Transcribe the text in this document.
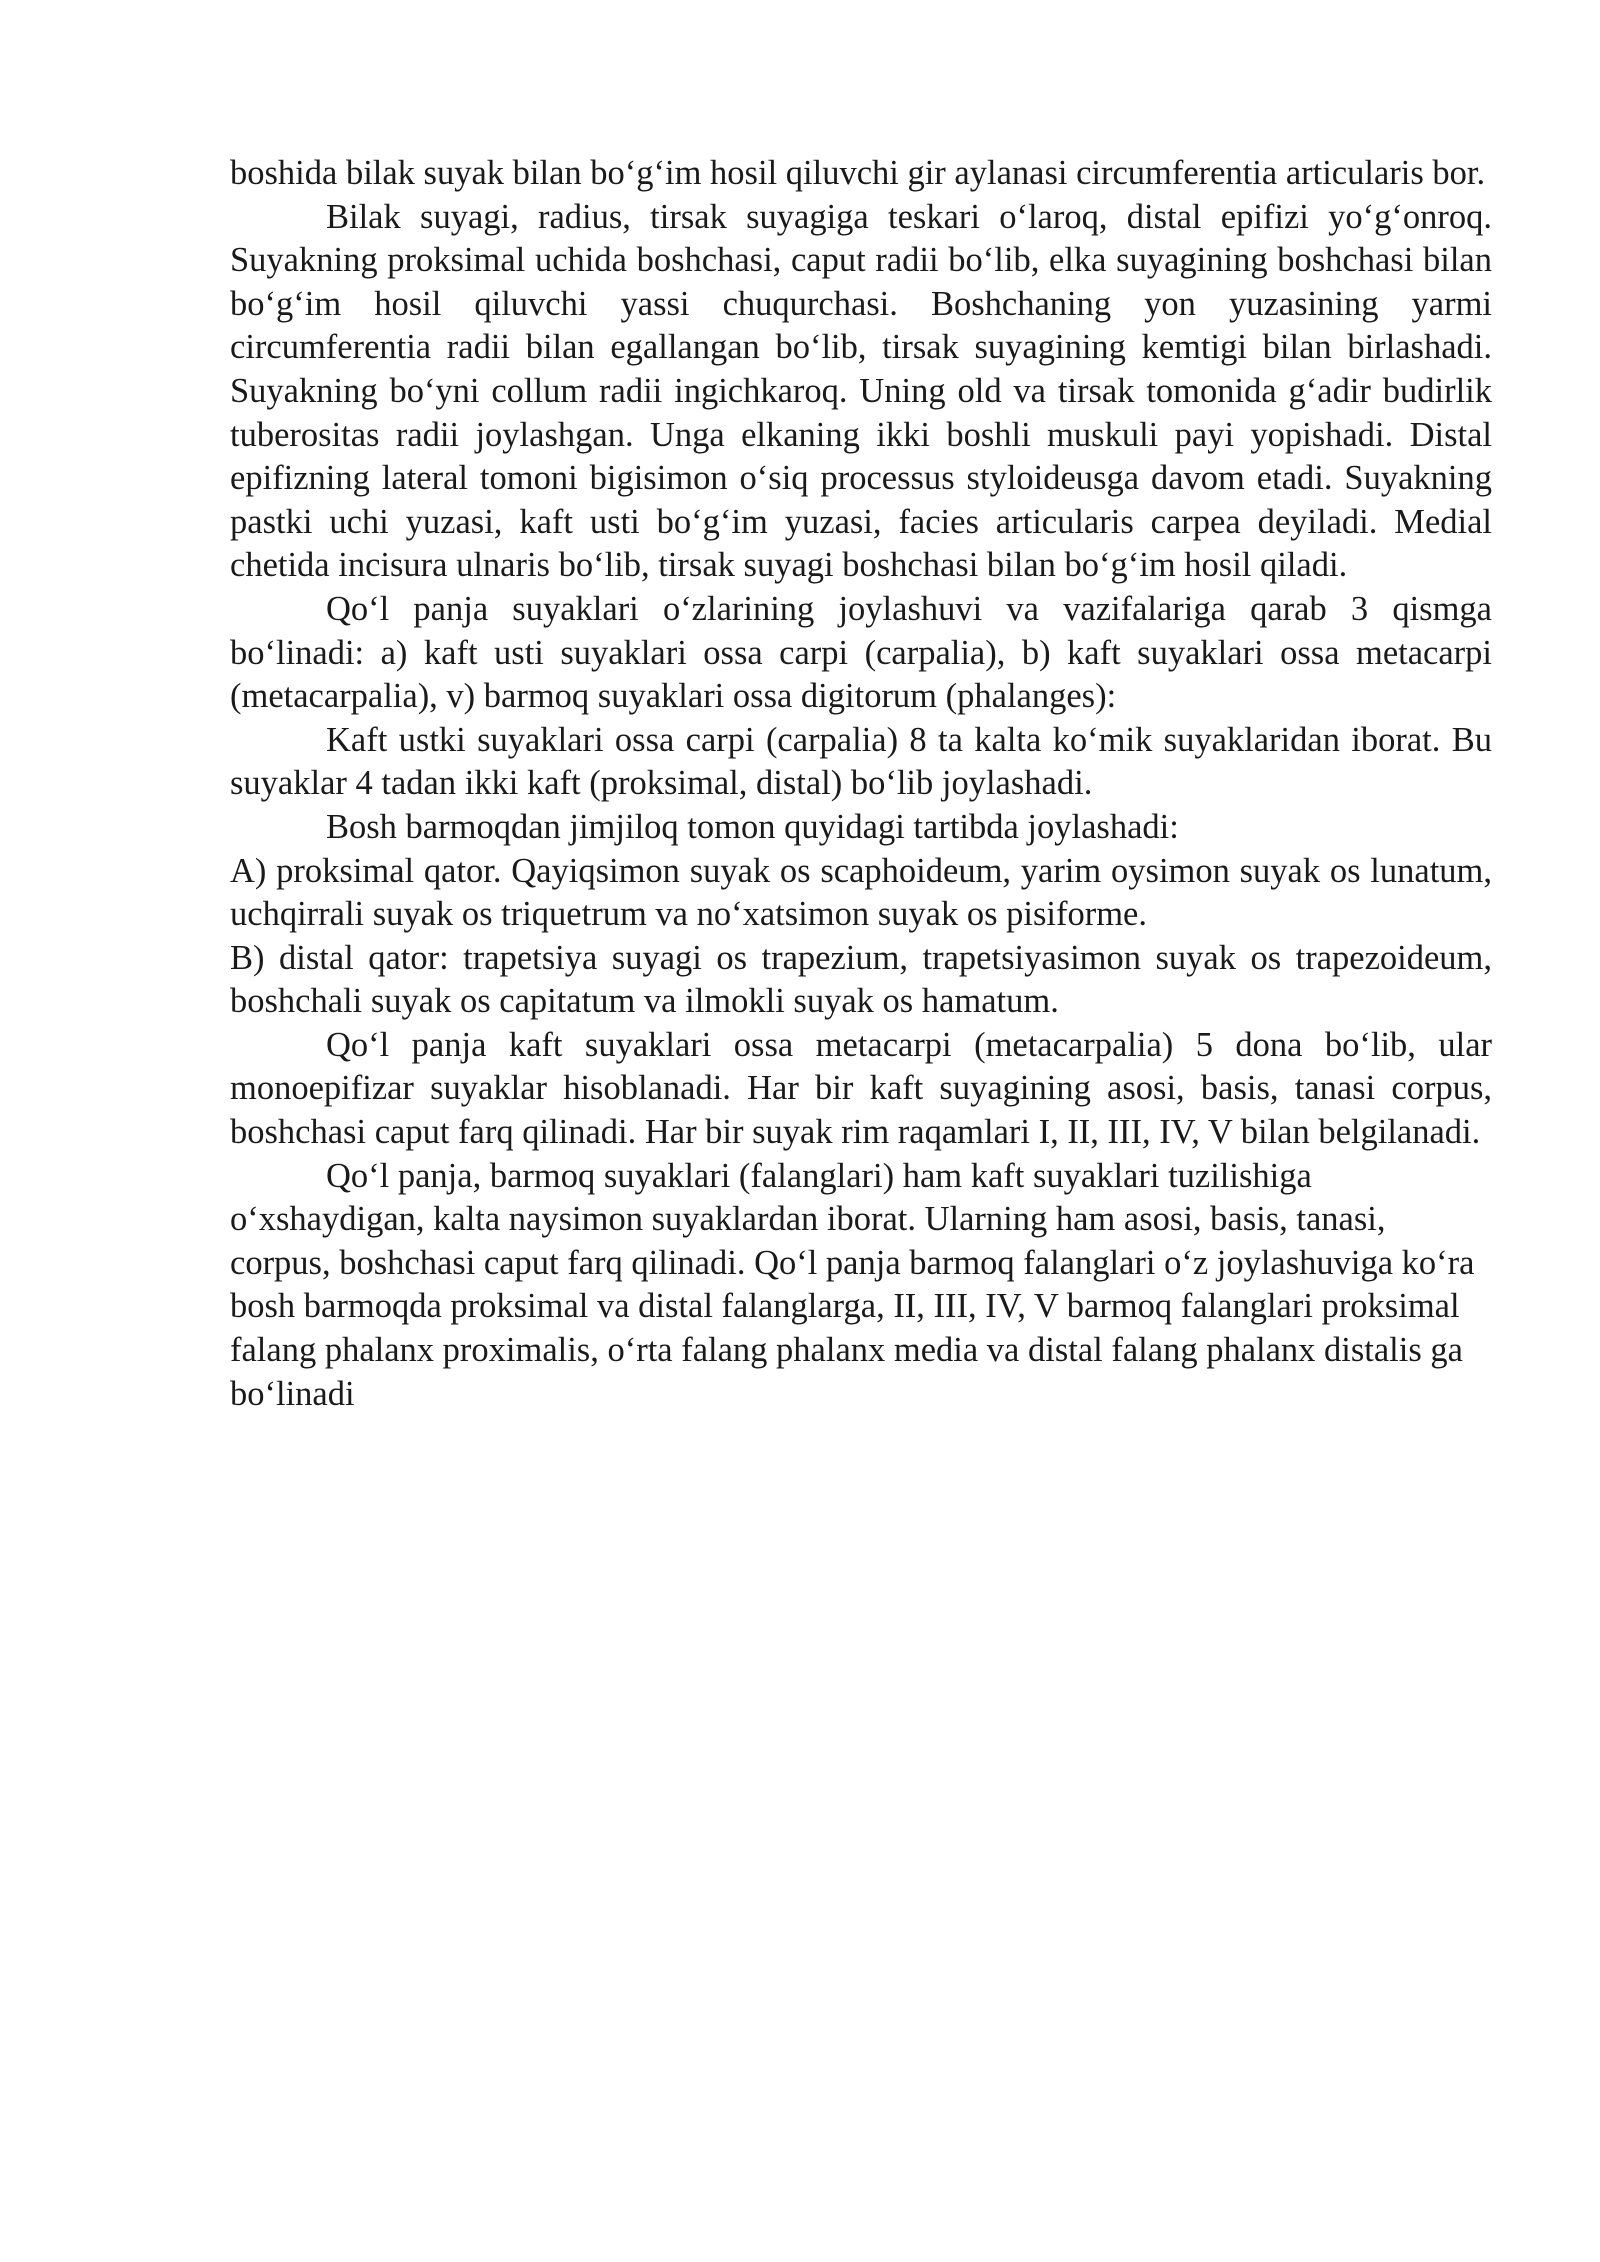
boshida bilak suyak bilan bo‘g‘im hosil qiluvchi gir aylanasi circumferentia articularis bor.

Bilak suyagi, radius, tirsak suyagiga teskari o‘laroq, distal epifizi yo‘g‘onroq. Suyakning proksimal uchida boshchasi, caput radii bo‘lib, elka suyagining boshchasi bilan bo‘g‘im hosil qiluvchi yassi chuqurchasi. Boshchaning yon yuzasining yarmi circumferentia radii bilan egallangan bo‘lib, tirsak suyagining kemtigi bilan birlashadi. Suyakning bo‘yni collum radii ingichkaroq. Uning old va tirsak tomonida g‘adir budirlik tuberositas radii joylashgan. Unga elkaning ikki boshli muskuli payi yopishadi. Distal epifizning lateral tomoni bigisimon o‘siq processus styloideusga davom etadi. Suyakning pastki uchi yuzasi, kaft usti bo‘g‘im yuzasi, facies articularis carpea deyiladi. Medial chetida incisura ulnaris bo‘lib, tirsak suyagi boshchasi bilan bo‘g‘im hosil qiladi.

Qo‘l panja suyaklari o‘zlarining joylashuvi va vazifalariga qarab 3 qismga bo‘linadi: a) kaft usti suyaklari ossa carpi (carpalia), b) kaft suyaklari ossa metacarpi (metacarpalia), v) barmoq suyaklari ossa digitorum (phalanges):

Kaft ustki suyaklari ossa carpi (carpalia) 8 ta kalta ko‘mik suyaklaridan iborat. Bu suyaklar 4 tadan ikki kaft (proksimal, distal) bo‘lib joylashadi.

Bosh barmoqdan jimjiloq tomon quyidagi tartibda joylashadi:

A) proksimal qator. Qayiqsimon suyak os scaphoideum, yarim oysimon suyak os lunatum, uchqirrali suyak os triquetrum va no‘xatsimon suyak os pisiforme.

B) distal qator: trapetsiya suyagi os trapezium, trapetsiyasimon suyak os trapezoideum, boshchali suyak os capitatum va ilmokli suyak os hamatum.

Qo‘l panja kaft suyaklari ossa metacarpi (metacarpalia) 5 dona bo‘lib, ular monoepifizar suyaklar hisoblanadi. Har bir kaft suyagining asosi, basis, tanasi corpus, boshchasi caput farq qilinadi. Har bir suyak rim raqamlari I, II, III, IV, V bilan belgilanadi.

Qo‘l panja, barmoq suyaklari (falanglari) ham kaft suyaklari tuzilishiga o‘xshaydigan, kalta naysimon suyaklardan iborat. Ularning ham asosi, basis, tanasi, corpus, boshchasi caput farq qilinadi. Qo‘l panja barmoq falanglari o‘z joylashuviga ko‘ra bosh barmoqda proksimal va distal falanglarga, II, III, IV, V barmoq falanglari proksimal falang phalanx proximalis, o‘rta falang phalanx media va distal falang phalanx distalis ga bo‘linadi
